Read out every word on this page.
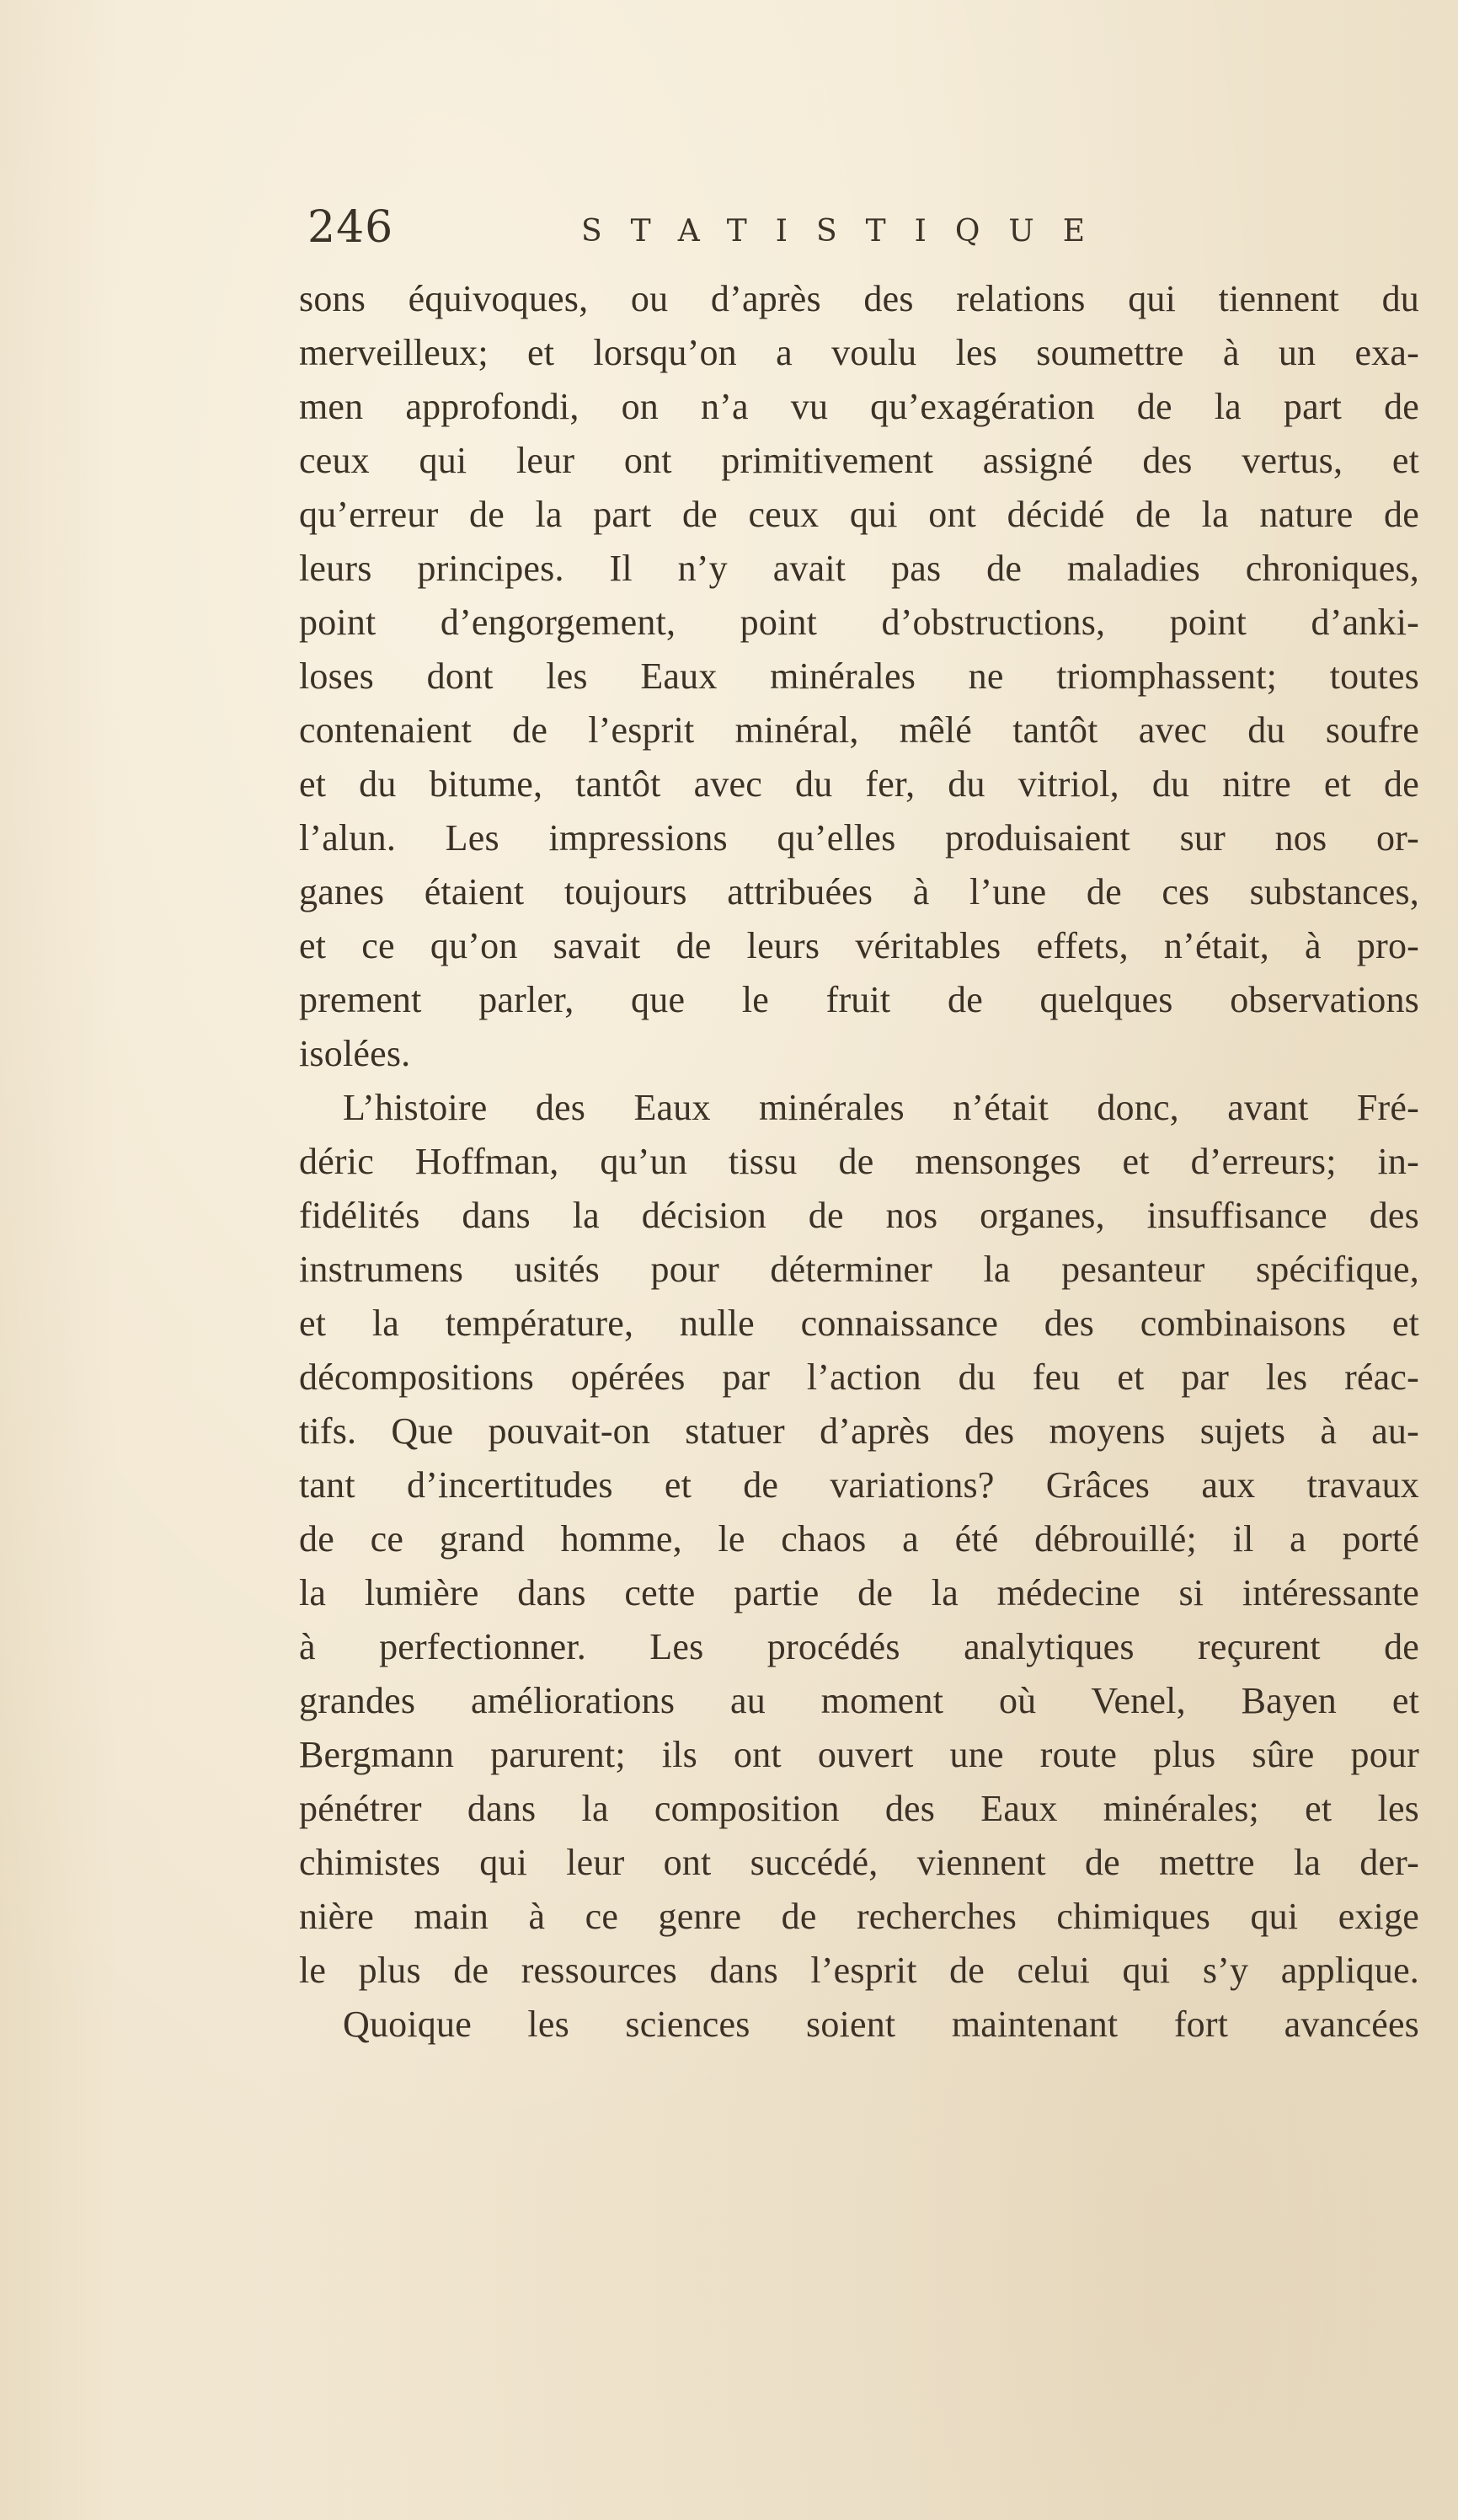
246	STATISTIQUE
sons équivoques, ou d’après des relations qui tiennent du
merveilleux; et lorsqu’on a voulu les soumettre à un exa-
men approfondi, on n’a vu qu’exagération de la part de
ceux qui leur ont primitivement assigné des vertus, et
qu’erreur de la part de ceux qui ont décidé de la nature de
leurs principes. Il n’y avait pas de maladies chroniques,
point d’engorgement, point d’obstructions, point d’anki-
loses dont les Eaux minérales ne triomphassent; toutes
contenaient de l’esprit minéral, mêlé tantôt avec du soufre
et du bitume, tantôt avec du fer, du vitriol, du nitre et de
l’alun. Les impressions qu’elles produisaient sur nos or-
ganes étaient toujours attribuées à l’une de ces substances,
et ce qu’on savait de leurs véritables effets, n’était, à pro-
prement parler, que le fruit de quelques observations
isolées.
L’histoire des Eaux minérales n’était donc, avant Fré-
déric Hoffman, qu’un tissu de mensonges et d’erreurs; in-
fidélités dans la décision de nos organes, insuffisance des
instrumens usités pour déterminer la pesanteur spécifique,
et la température, nulle connaissance des combinaisons et
décompositions opérées par l’action du feu et par les réac-
tifs. Que pouvait-on statuer d’après des moyens sujets à au-
tant d’incertitudes et de variations? Grâces aux travaux
de ce grand homme, le chaos a été débrouillé; il a porté
la lumière dans cette partie de la médecine si intéressante
à perfectionner. Les procédés analytiques reçurent de
grandes améliorations au moment où Venel, Bayen et
Bergmann parurent; ils ont ouvert une route plus sûre pour
pénétrer dans la composition des Eaux minérales; et les
chimistes qui leur ont succédé, viennent de mettre la der-
nière main à ce genre de recherches chimiques qui exige
le plus de ressources dans l’esprit de celui qui s’y applique.
Quoique les sciences soient maintenant fort avancées
